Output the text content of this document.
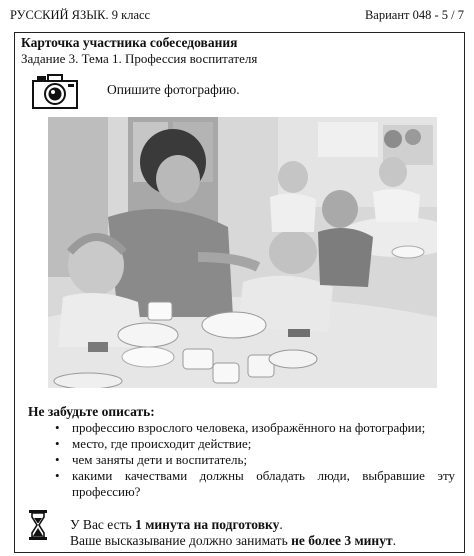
РУССКИЙ ЯЗЫК. 9 класс	Вариант 048 - 5 / 7
Карточка участника собеседования
Задание 3. Тема 1. Профессия воспитателя
Опишите фотографию.
Не забудьте описать:
• профессию взрослого человека, изображённого на фотографии;
• место, где происходит действие;
• чем заняты дети и воспитатель;
• какими качествами должны обладать люди, выбравшие эту профессию?
У Вас есть 1 минута на подготовку.
Ваше высказывание должно занимать не более 3 минут.
